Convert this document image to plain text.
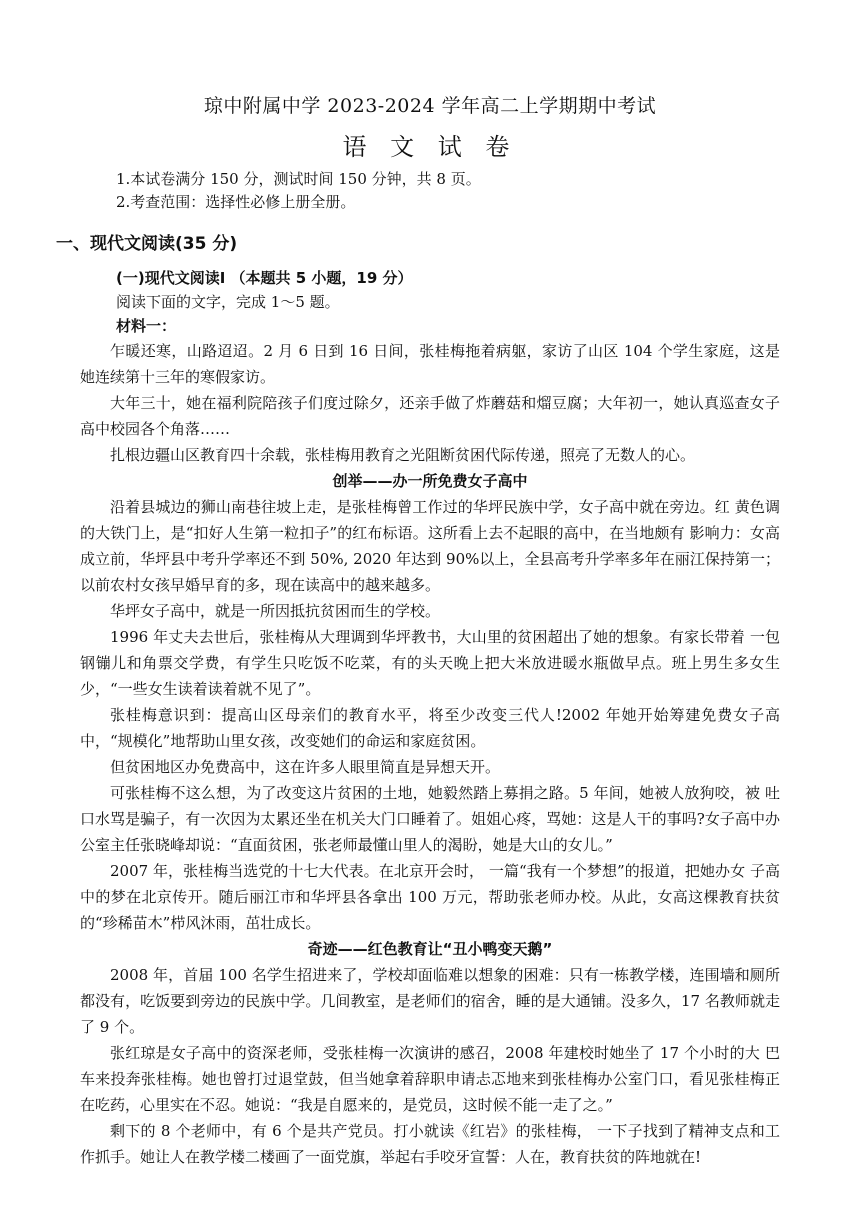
琼中附属中学 2023-2024 学年高二上学期期中考试
语 文 试 卷
1.本试卷满分 150 分，测试时间 150 分钟，共 8 页。
2.考查范围：选择性必修上册全册。
一、现代文阅读(35 分)
(一)现代文阅读Ⅰ （本题共 5 小题，19 分）
阅读下面的文字，完成 1～5 题。
材料一：

乍暖还寒，山路迢迢。2 月 6 日到 16 日间，张桂梅拖着病躯，家访了山区 104 个学生家庭，这是她连续第十三年的寒假家访。

大年三十，她在福利院陪孩子们度过除夕，还亲手做了炸蘑菇和熘豆腐；大年初一，她认真巡查女子高中校园各个角落……

扎根边疆山区教育四十余载，张桂梅用教育之光阻断贫困代际传递，照亮了无数人的心。

创举——办一所免费女子高中

沿着县城边的狮山南巷往坡上走，是张桂梅曾工作过的华坪民族中学，女子高中就在旁边。红 黄色调的大铁门上，是“扣好人生第一粒扣子”的红布标语。这所看上去不起眼的高中，在当地颇有 影响力：女高成立前，华坪县中考升学率还不到 50%, 2020 年达到 90%以上，全县高考升学率多年在丽江保持第一；以前农村女孩早婚早育的多，现在读高中的越来越多。

华坪女子高中，就是一所因抵抗贫困而生的学校。

1996 年丈夫去世后，张桂梅从大理调到华坪教书，大山里的贫困超出了她的想象。有家长带着 一包钢镚儿和角票交学费，有学生只吃饭不吃菜，有的头天晚上把大米放进暖水瓶做早点。班上男生多女生少，“一些女生读着读着就不见了”。

张桂梅意识到：提高山区母亲们的教育水平，将至少改变三代人!2002 年她开始筹建免费女子高中，“规模化”地帮助山里女孩，改变她们的命运和家庭贫困。

但贫困地区办免费高中，这在许多人眼里简直是异想天开。

可张桂梅不这么想，为了改变这片贫困的土地，她毅然踏上募捐之路。5 年间，她被人放狗咬，被 吐口水骂是骗子，有一次因为太累还坐在机关大门口睡着了。姐姐心疼，骂她：这是人干的事吗?女子高中办公室主任张晓峰却说：“直面贫困，张老师最懂山里人的渴盼，她是大山的女儿。”

2007 年，张桂梅当选党的十七大代表。在北京开会时， 一篇“我有一个梦想”的报道，把她办女 子高中的梦在北京传开。随后丽江市和华坪县各拿出 100 万元，帮助张老师办校。从此，女高这棵教育扶贫的“珍稀苗木”栉风沐雨，茁壮成长。

奇迹——红色教育让“丑小鸭变天鹅”

2008 年，首届 100 名学生招进来了，学校却面临难以想象的困难：只有一栋教学楼，连围墙和厕所都没有，吃饭要到旁边的民族中学。几间教室，是老师们的宿舍，睡的是大通铺。没多久，17 名教师就走了 9 个。

张红琼是女子高中的资深老师，受张桂梅一次演讲的感召，2008 年建校时她坐了 17 个小时的大 巴车来投奔张桂梅。她也曾打过退堂鼓，但当她拿着辞职申请忐忑地来到张桂梅办公室门口，看见张桂梅正在吃药，心里实在不忍。她说：“我是自愿来的，是党员，这时候不能一走了之。”

剩下的 8 个老师中，有 6 个是共产党员。打小就读《红岩》的张桂梅， 一下子找到了精神支点和工作抓手。她让人在教学楼二楼画了一面党旗，举起右手咬牙宣誓：人在，教育扶贫的阵地就在!
